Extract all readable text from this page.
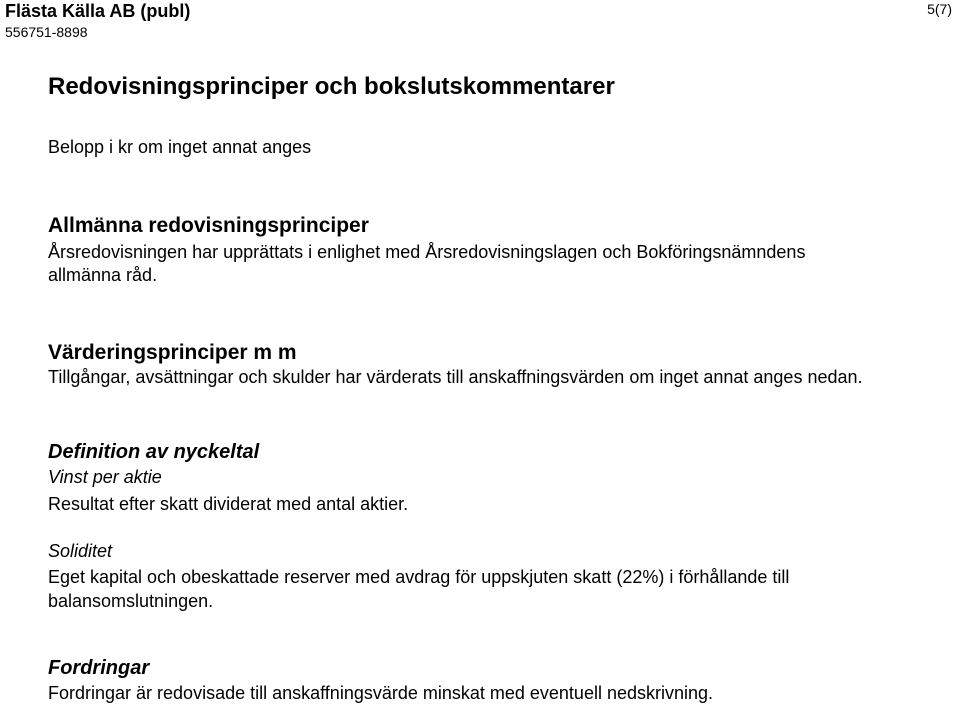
Flästa Källa AB (publ)
556751-8898
5(7)
Redovisningsprinciper och bokslutskommentarer
Belopp i kr om inget annat anges
Allmänna redovisningsprinciper
Årsredovisningen har upprättats i enlighet med Årsredovisningslagen och Bokföringsnämndens
allmänna råd.
Värderingsprinciper m m
Tillgångar, avsättningar och skulder har värderats till anskaffningsvärden om inget annat anges nedan.
Definition av nyckeltal
Vinst per aktie
Resultat efter skatt dividerat med antal aktier.
Soliditet
Eget kapital och obeskattade reserver med avdrag för uppskjuten skatt (22%) i förhållande till
balansomslutningen.
Fordringar
Fordringar är redovisade till anskaffningsvärde minskat med eventuell nedskrivning.
